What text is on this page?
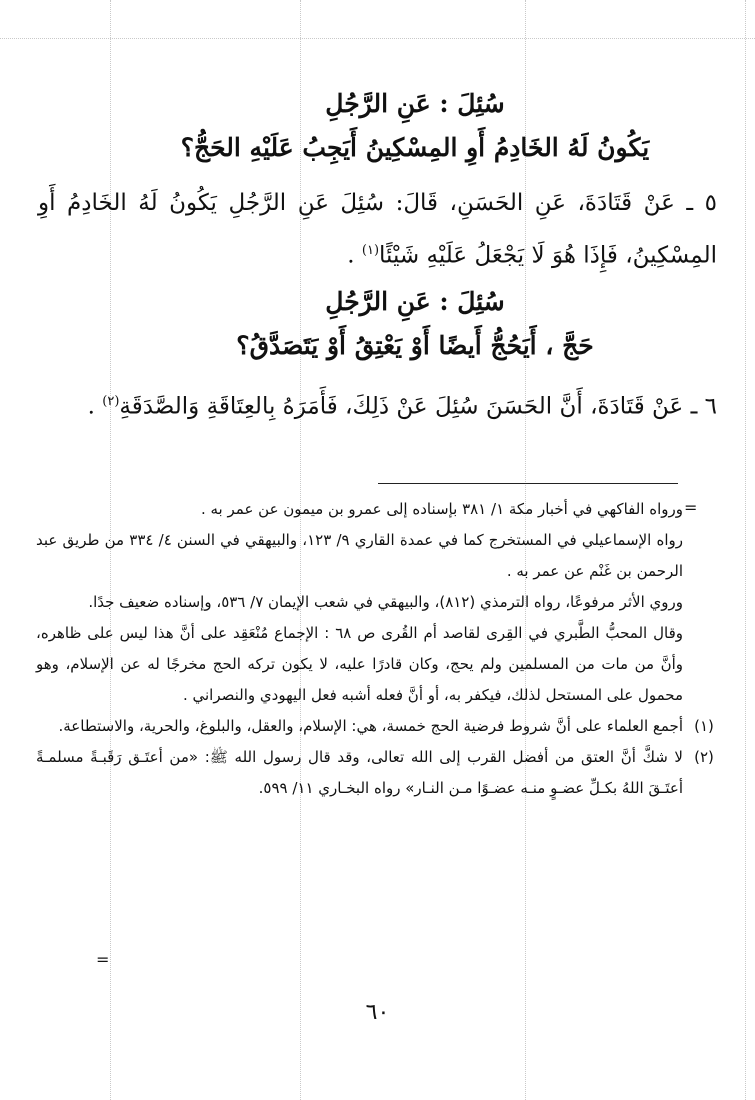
سُئِلَ : عَنِ الرَّجُلِ
يَكُونُ لَهُ الخَادِمُ أَوِ المِسْكِينُ أَيَجِبُ عَلَيْهِ الحَجُّ؟
٥ ـ عَنْ قَتَادَةَ، عَنِ الحَسَنِ، قَالَ: سُئِلَ عَنِ الرَّجُلِ يَكُونُ لَهُ الخَادِمُ أَوِ المِسْكِينُ، فَإِذَا هُوَ لَا يَجْعَلُ عَلَيْهِ شَيْئًا$^{(١)}$ .
سُئِلَ : عَنِ الرَّجُلِ
حَجَّ ، أَيَحُجُّ أَيضًا أَوْ يَعْتِقُ أَوْ يَتَصَدَّقُ؟
٦ ـ عَنْ قَتَادَةَ، أَنَّ الحَسَنَ سُئِلَ عَنْ ذَلِكَ، فَأَمَرَهُ بِالعِتَاقَةِ وَالصَّدَقَةِ$^{(٢)}$ .
=

ورواه الفاكهي في أخبار مكة ١/ ٣٨١ بإسناده إلى عمرو بن ميمون عن عمر به .

رواه الإسماعيلي في المستخرج كما في عمدة القاري ٩/ ١٢٣، والبيهقي في السنن ٤/ ٣٣٤ من طريق عبد الرحمن بن غَنْم عن عمر به .

وروي الأثر مرفوعًا، رواه الترمذي (٨١٢)، والبيهقي في شعب الإيمان ٧/ ٥٣٦، وإسناده ضعيف جدًا.

وقال المحبُّ الطَّبري في القِرى لقاصد أم القُرى ص ٦٨ : الإجماع مُنْعَقِد على أنَّ هذا ليس على ظاهره، وأنَّ من مات من المسلمين ولم يحج، وكان قادرًا عليه، لا يكون تركه الحج مخرجًا له عن الإسلام، وهو محمول على المستحل لذلك، فيكفر به، أو أنَّ فعله أشبه فعل اليهودي والنصراني .

(١)

أجمع العلماء على أنَّ شروط فرضية الحج خمسة، هي: الإسلام، والعقل، والبلوغ، والحرية، والاستطاعة.

(٢)

لا شكَّ أنَّ العتق من أفضل القرب إلى الله تعالى، وقد قال رسول الله ﷺ: «من أعتَـق رَقَبـةً مسلمـةً أعتَـقَ اللهُ بكـلِّ عضـوٍ منـه عضـوًا مـن النـار» رواه البخـاري ١١/ ٥٩٩.

=
٦٠
